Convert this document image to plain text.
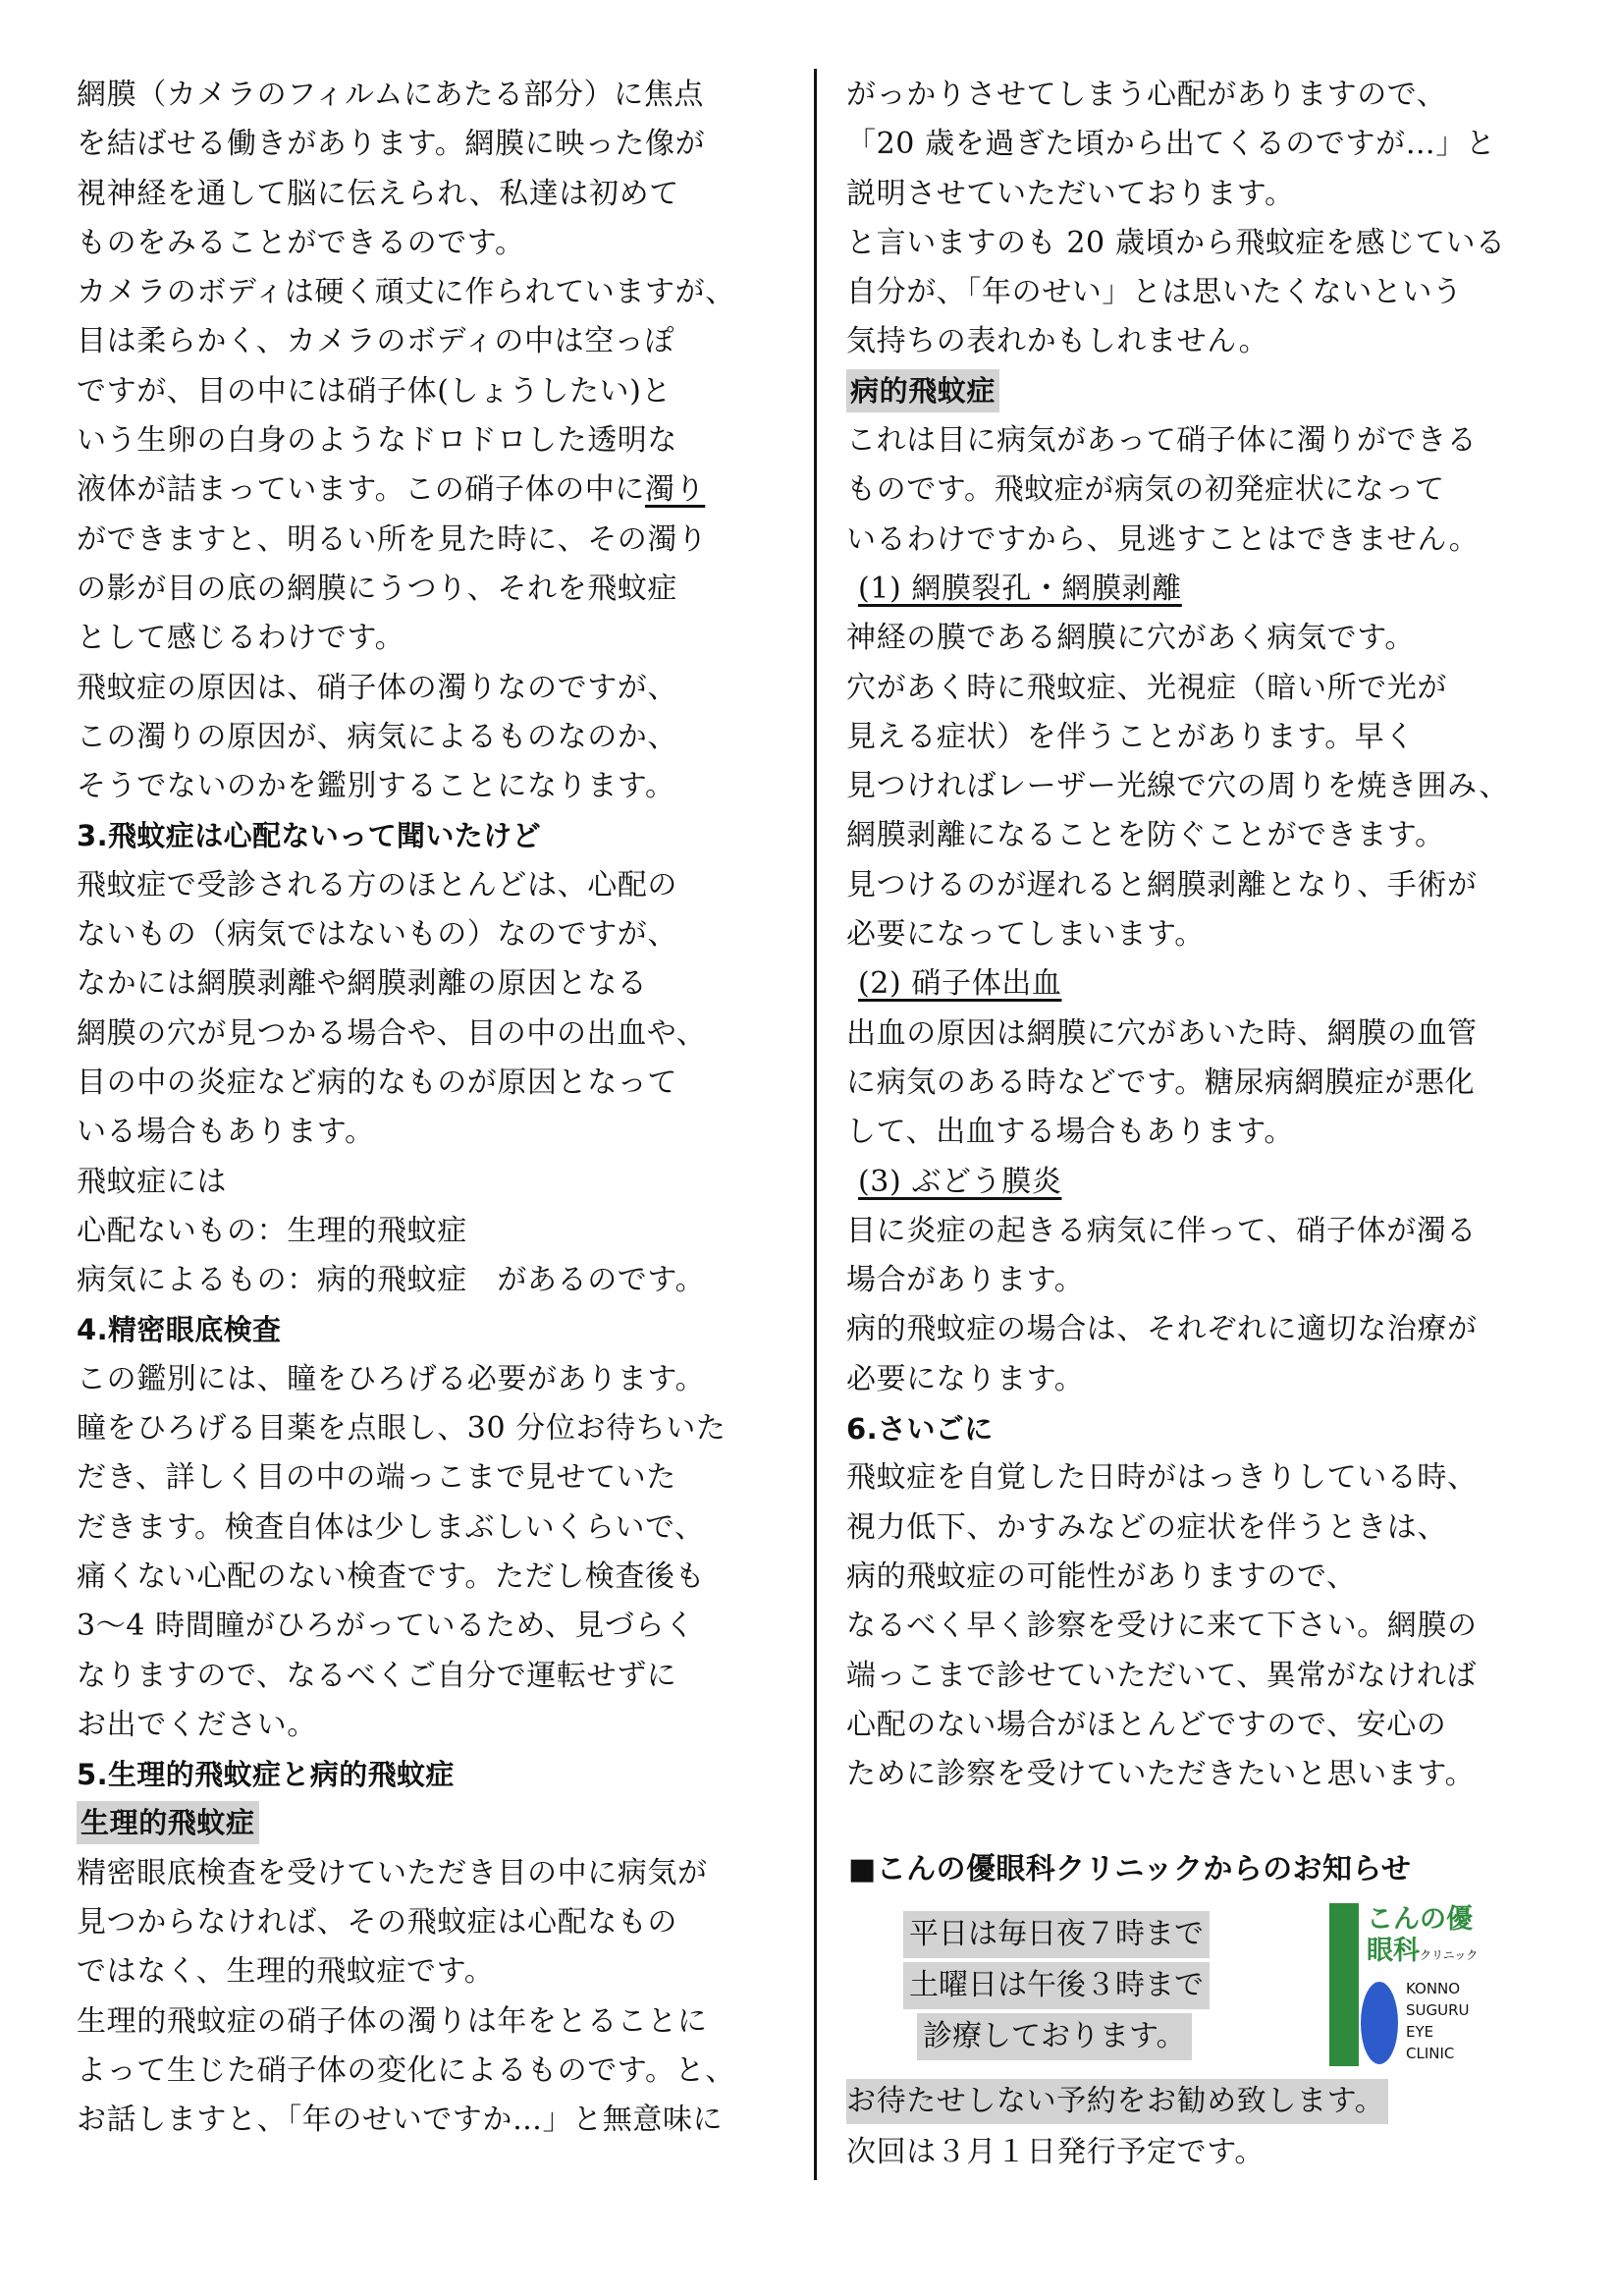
網膜（カメラのフィルムにあたる部分）に焦点
を結ばせる働きがあります。網膜に映った像が
視神経を通して脳に伝えられ、私達は初めて
ものをみることができるのです。
カメラのボディは硬く頑丈に作られていますが、
目は柔らかく、カメラのボディの中は空っぽ
ですが、目の中には硝子体(しょうしたい)と
いう生卵の白身のようなドロドロした透明な
液体が詰まっています。この硝子体の中に濁り
ができますと、明るい所を見た時に、その濁り
の影が目の底の網膜にうつり、それを飛蚊症
として感じるわけです。
飛蚊症の原因は、硝子体の濁りなのですが、
この濁りの原因が、病気によるものなのか、
そうでないのかを鑑別することになります。
3.飛蚊症は心配ないって聞いたけど
飛蚊症で受診される方のほとんどは、心配の
ないもの（病気ではないもの）なのですが、
なかには網膜剥離や網膜剥離の原因となる
網膜の穴が見つかる場合や、目の中の出血や、
目の中の炎症など病的なものが原因となって
いる場合もあります。
飛蚊症には
心配ないもの：生理的飛蚊症
病気によるもの：病的飛蚊症　があるのです。
4.精密眼底検査
この鑑別には、瞳をひろげる必要があります。
瞳をひろげる目薬を点眼し、30 分位お待ちいた
だき、詳しく目の中の端っこまで見せていた
だきます。検査自体は少しまぶしいくらいで、
痛くない心配のない検査です。ただし検査後も
3～4 時間瞳がひろがっているため、見づらく
なりますので、なるべくご自分で運転せずに
お出でください。
5.生理的飛蚊症と病的飛蚊症
生理的飛蚊症
精密眼底検査を受けていただき目の中に病気が
見つからなければ、その飛蚊症は心配なもの
ではなく、生理的飛蚊症です。
生理的飛蚊症の硝子体の濁りは年をとることに
よって生じた硝子体の変化によるものです。と、
お話しますと、「年のせいですか…」と無意味に
がっかりさせてしまう心配がありますので、
「20 歳を過ぎた頃から出てくるのですが…」と
説明させていただいております。
と言いますのも 20 歳頃から飛蚊症を感じている
自分が、「年のせい」とは思いたくないという
気持ちの表れかもしれません。
病的飛蚊症
これは目に病気があって硝子体に濁りができる
ものです。飛蚊症が病気の初発症状になって
いるわけですから、見逃すことはできません。
(1) 網膜裂孔・網膜剥離
神経の膜である網膜に穴があく病気です。
穴があく時に飛蚊症、光視症（暗い所で光が
見える症状）を伴うことがあります。早く
見つければレーザー光線で穴の周りを焼き囲み、
網膜剥離になることを防ぐことができます。
見つけるのが遅れると網膜剥離となり、手術が
必要になってしまいます。
(2) 硝子体出血
出血の原因は網膜に穴があいた時、網膜の血管
に病気のある時などです。糖尿病網膜症が悪化
して、出血する場合もあります。
(3) ぶどう膜炎
目に炎症の起きる病気に伴って、硝子体が濁る
場合があります。
病的飛蚊症の場合は、それぞれに適切な治療が
必要になります。
6.さいごに
飛蚊症を自覚した日時がはっきりしている時、
視力低下、かすみなどの症状を伴うときは、
病的飛蚊症の可能性がありますので、
なるべく早く診察を受けに来て下さい。網膜の
端っこまで診せていただいて、異常がなければ
心配のない場合がほとんどですので、安心の
ために診察を受けていただきたいと思います。
■こんの優眼科クリニックからのお知らせ
平日は毎日夜７時まで
土曜日は午後３時まで
診療しております。
こんの優
眼科クリニック
KONNO
SUGURU
EYE
CLINIC
お待たせしない予約をお勧め致します。
次回は３月１日発行予定です。
